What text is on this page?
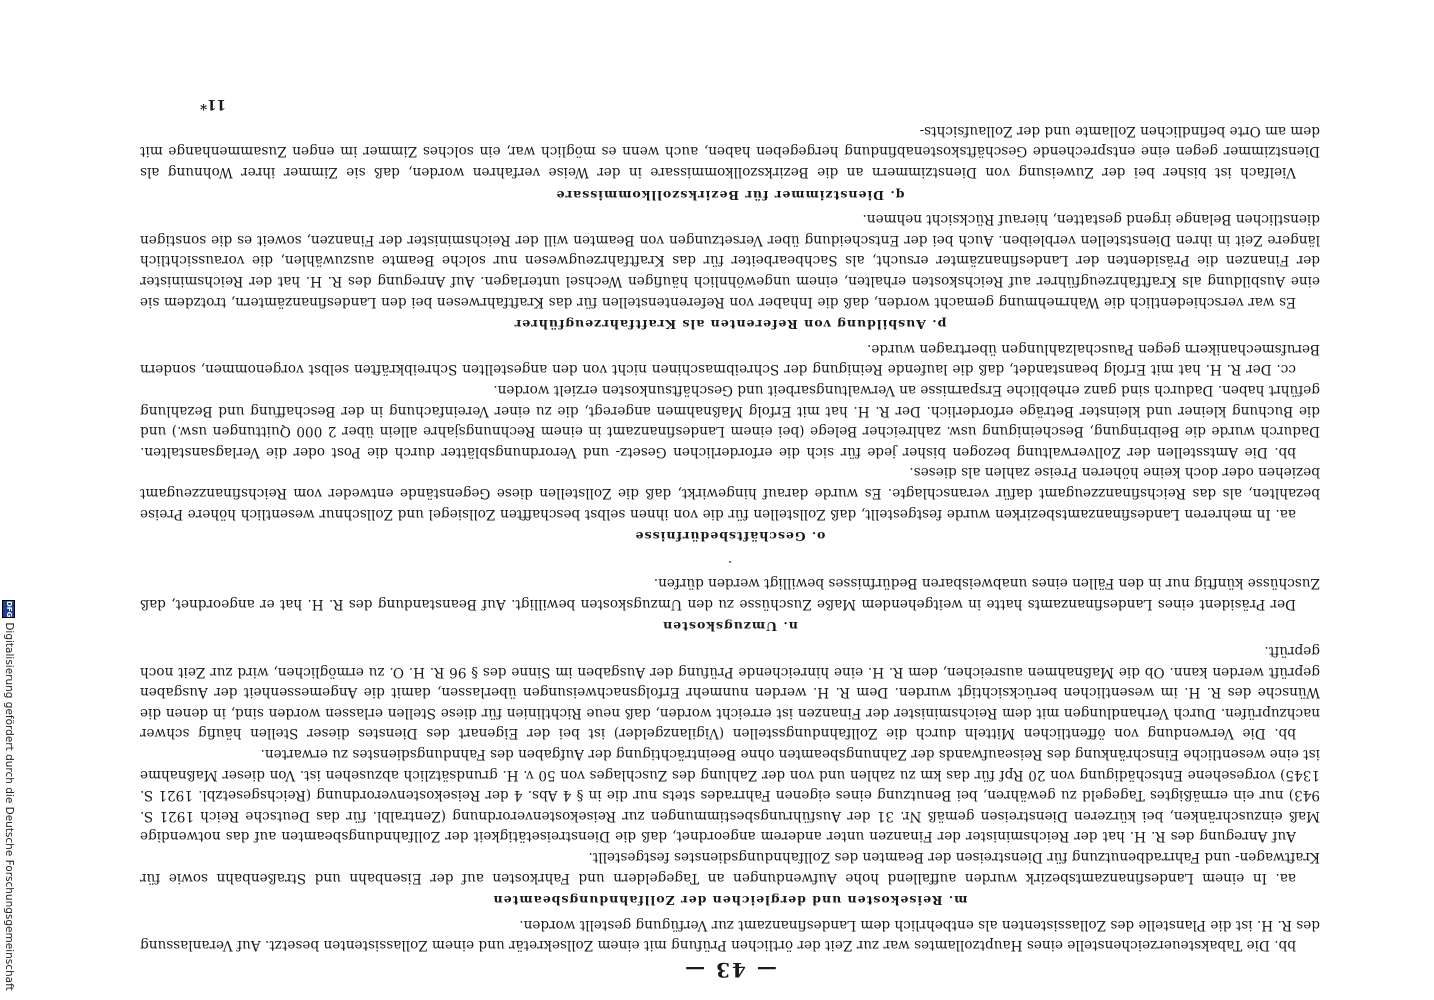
— 43 —

bb. Die Tabaksteuerzeichenstelle eines Hauptzollamtes war zur Zeit der örtlichen Prüfung mit einem Zollsekretär und einem Zollassistenten besetzt. Auf Veranlassung des R. H. ist die Planstelle des Zollassistenten als entbehrlich dem Landesfinanzamt zur Verfügung gestellt worden.

m. Reisekosten und dergleichen der Zollfahndungsbeamten

aa. In einem Landesfinanzamtsbezirk wurden auffallend hohe Aufwendungen an Tagegeldern und Fahrkosten auf der Eisenbahn und Straßenbahn sowie für Kraftwagen- und Fahrradbenutzung für Dienstreisen der Beamten des Zollfahndungsdienstes festgestellt.

Auf Anregung des R. H. hat der Reichsminister der Finanzen unter anderem angeordnet, daß die Dienstreisetätigkeit der Zollfahndungsbeamten auf das notwendige Maß einzuschränken, bei kürzeren Dienstreisen gemäß Nr. 31 der Ausführungsbestimmungen zur Reisekostenverordnung (Zentralbl. für das Deutsche Reich 1921 S. 943) nur ein ermäßigtes Tagegeld zu gewähren, bei Benutzung eines eigenen Fahrrades stets nur die in § 4 Abs. 4 der Reisekostenverordnung (Reichsgesetzbl. 1921 S. 1345) vorgesehene Entschädigung von 20 Rpf für das km zu zahlen und von der Zahlung des Zuschlages von 50 v. H. grundsätzlich abzusehen ist. Von dieser Maßnahme ist eine wesentliche Einschränkung des Reiseaufwands der Zahnungsbeamten ohne Beeinträchtigung der Aufgaben des Fahndungsdienstes zu erwarten.

bb. Die Verwendung von öffentlichen Mitteln durch die Zollfahndungsstellen (Vigilanzgelder) ist bei der Eigenart des Dienstes dieser Stellen häufig schwer nachzuprüfen. Durch Verhandlungen mit dem Reichsminister der Finanzen ist erreicht worden, daß neue Richtlinien für diese Stellen erlassen worden sind, in denen die Wünsche des R. H. im wesentlichen berücksichtigt wurden. Dem R. H. werden nunmehr Erfolgsnachweisungen überlassen, damit die Angemessenheit der Ausgaben geprüft werden kann. Ob die Maßnahmen ausreichen, dem R. H. eine hinreichende Prüfung der Ausgaben im Sinne des § 96 R. H. O. zu ermöglichen, wird zur Zeit noch geprüft.

n. Umzugskosten

Der Präsident eines Landesfinanzamts hatte in weitgehendem Maße Zuschüsse zu den Umzugskosten bewilligt. Auf Beanstandung des R. H. hat er angeordnet, daß Zuschüsse künftig nur in den Fällen eines unabweisbaren Bedürfnisses bewilligt werden dürfen.

·
o. Geschäftsbedürfnisse

aa. In mehreren Landesfinanzamtsbezirken wurde festgestellt, daß Zollstellen für die von ihnen selbst beschafften Zollsiegel und Zollschnur wesentlich höhere Preise bezahlten, als das Reichsfinanzzeugamt dafür veranschlagte. Es wurde darauf hingewirkt, daß die Zollstellen diese Gegenstände entweder vom Reichsfinanzzeugamt beziehen oder doch keine höheren Preise zahlen als dieses.

bb. Die Amtsstellen der Zollverwaltung bezogen bisher jede für sich die erforderlichen Gesetz- und Verordnungsblätter durch die Post oder die Verlagsanstalten. Dadurch wurde die Beibringung, Bescheinigung usw. zahlreicher Belege (bei einem Landesfinanzamt in einem Rechnungsjahre allein über 2 000 Quittungen usw.) und die Buchung kleiner und kleinster Beträge erforderlich. Der R. H. hat mit Erfolg Maßnahmen angeregt, die zu einer Vereinfachung in der Beschaffung und Bezahlung geführt haben. Dadurch sind ganz erhebliche Ersparnisse an Verwaltungsarbeit und Geschäftsunkosten erzielt worden.

cc. Der R. H. hat mit Erfolg beanstandet, daß die laufende Reinigung der Schreibmaschinen nicht von den angestellten Schreibkräften selbst vorgenommen, sondern Berufsmechanikern gegen Pauschalzahlungen übertragen wurde.

p. Ausbildung von Referenten als Kraftfahrzeugführer

Es war verschiedentlich die Wahrnehmung gemacht worden, daß die Inhaber von Referentenstellen für das Kraftfahrwesen bei den Landesfinanzämtern, trotzdem sie eine Ausbildung als Kraftfahrzeugführer auf Reichskosten erhalten, einem ungewöhnlich häufigen Wechsel unterlagen. Auf Anregung des R. H. hat der Reichsminister der Finanzen die Präsidenten der Landesfinanzämter ersucht, als Sachbearbeiter für das Kraftfahrzeugwesen nur solche Beamte auszuwählen, die voraussichtlich längere Zeit in ihren Dienststellen verbleiben. Auch bei der Entscheidung über Versetzungen von Beamten will der Reichsminister der Finanzen, soweit es die sonstigen dienstlichen Belange irgend gestatten, hierauf Rücksicht nehmen.

q. Dienstzimmer für Bezirkszollkommissare

Vielfach ist bisher bei der Zuweisung von Dienstzimmern an die Bezirkszollkommissare in der Weise verfahren worden, daß sie Zimmer ihrer Wohnung als Dienstzimmer gegen eine entsprechende Geschäftskostenabfindung hergegeben haben, auch wenn es möglich war, ein solches Zimmer im engen Zusammenhange mit dem am Orte befindlichen Zollamte und der Zollaufsichts-

11*
DFG
Digitalisierung gefördert durch die Deutsche Forschungsgemeinschaft
